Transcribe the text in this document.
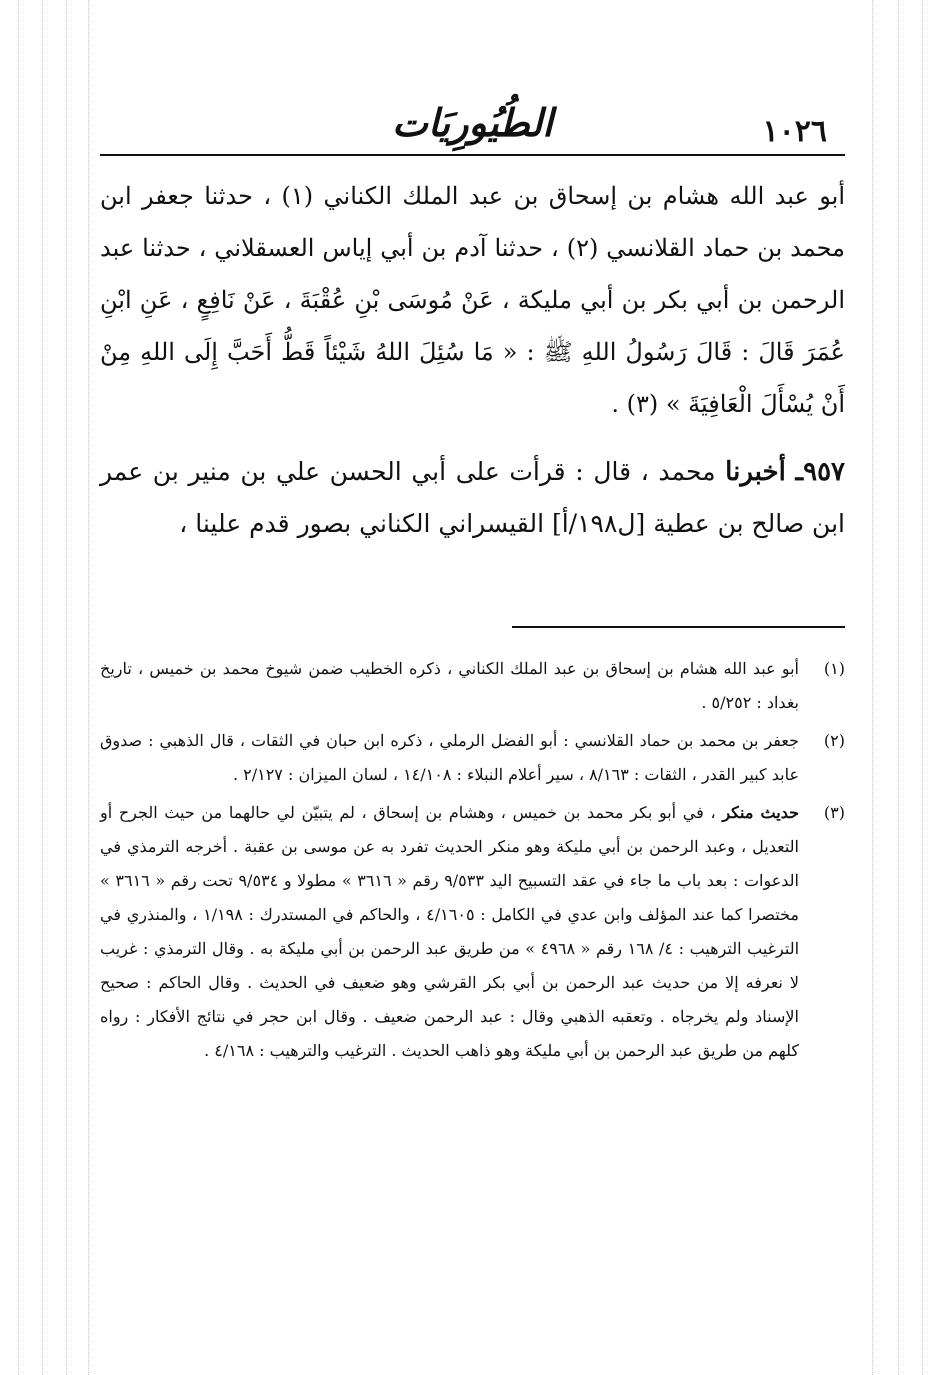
الطُيُورِيَات	١٠٢٦

أبو عبد الله هشام بن إسحاق بن عبد الملك الكناني (١) ، حدثنا جعفر ابن محمد بن حماد القلانسي (٢) ، حدثنا آدم بن أبي إياس العسقلاني ، حدثنا عبد الرحمن بن أبي بكر بن أبي مليكة ، عَنْ مُوسَى بْنِ عُقْبَةَ ، عَنْ نَافِعٍ ، عَنِ ابْنِ عُمَرَ قَالَ : قَالَ رَسُولُ اللهِ ﷺ : « مَا سُئِلَ اللهُ شَيْئاً قَطُّ أَحَبَّ إِلَى اللهِ مِنْ أَنْ يُسْأَلَ الْعَافِيَةَ » (٣) .

٩٥٧ـ أخبرنا محمد ، قال : قرأت على أبي الحسن علي بن منير بن عمر ابن صالح بن عطية [ل١٩٨/أ] القيسراني الكناني بصور قدم علينا ،

(١)
أبو عبد الله هشام بن إسحاق بن عبد الملك الكناني ، ذكره الخطيب ضمن شيوخ محمد بن خميس ، تاريخ بغداد : ٥/٢٥٢ .
(٢)
جعفر بن محمد بن حماد القلانسي : أبو الفضل الرملي ، ذكره ابن حبان في الثقات ، قال الذهبي : صدوق عابد كبير القدر ، الثقات : ٨/١٦٣ ، سير أعلام النبلاء : ١٤/١٠٨ ، لسان الميزان : ٢/١٢٧ .
(٣)
حديث منكر ، في أبو بكر محمد بن خميس ، وهشام بن إسحاق ، لم يتبيّن لي حالهما من حيث الجرح أو التعديل ، وعبد الرحمن بن أبي مليكة وهو منكر الحديث تفرد به عن موسى بن عقبة . أخرجه الترمذي في الدعوات : بعد باب ما جاء في عقد التسبيح اليد ٩/٥٣٣ رقم « ٣٦١٦ » مطولا و ٩/٥٣٤ تحت رقم « ٣٦١٦ » مختصرا كما عند المؤلف وابن عدي في الكامل : ٤/١٦٠٥ ، والحاكم في المستدرك : ١/١٩٨ ، والمنذري في الترغيب الترهيب : ٤/ ١٦٨ رقم « ٤٩٦٨ » من طريق عبد الرحمن بن أبي مليكة به . وقال الترمذي : غريب لا نعرفه إلا من حديث عبد الرحمن بن أبي بكر القرشي وهو ضعيف في الحديث . وقال الحاكم : صحيح الإسناد ولم يخرجاه . وتعقبه الذهبي وقال : عبد الرحمن ضعيف . وقال ابن حجر في نتائج الأفكار : رواه كلهم من طريق عبد الرحمن بن أبي مليكة وهو ذاهب الحديث . الترغيب والترهيب : ٤/١٦٨ .
